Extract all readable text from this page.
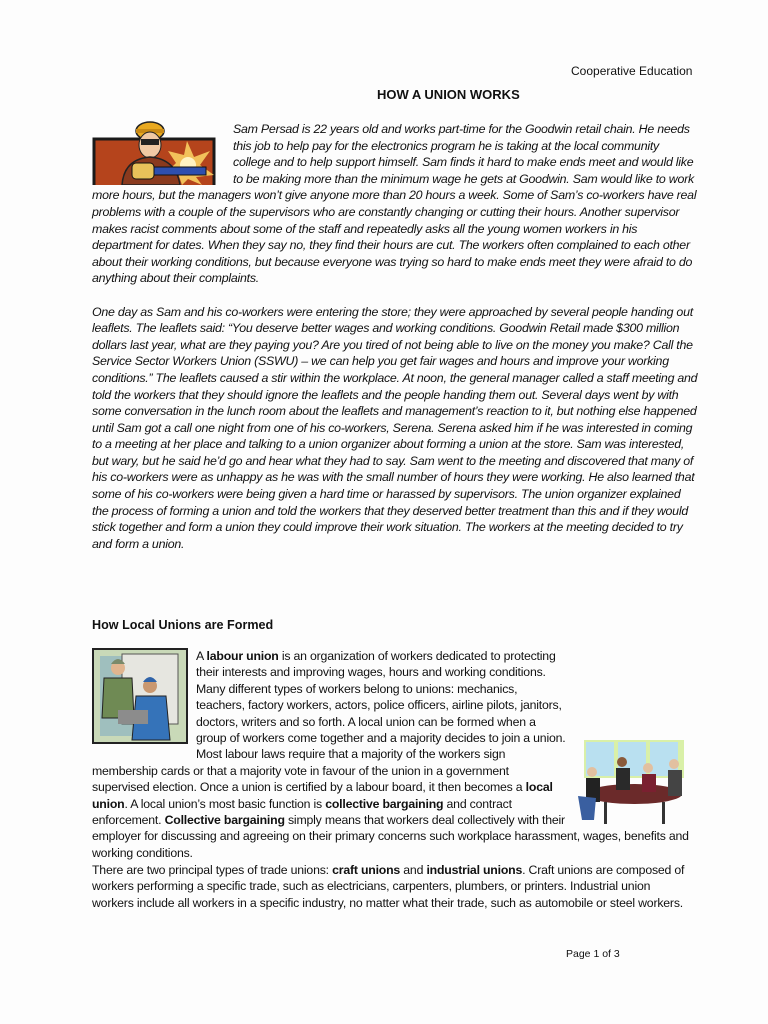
Cooperative Education
HOW A UNION WORKS

Sam Persad is 22 years old and works part-time for the Goodwin retail chain. He needs this job to help pay for the electronics program he is taking at the local community college and to help support himself. Sam finds it hard to make ends meet and would like to be making more than the minimum wage he gets at Goodwin. Sam would like to work more hours, but the managers won’t give anyone more than 20 hours a week. Some of Sam’s co-workers have real problems with a couple of the supervisors who are constantly changing or cutting their hours. Another supervisor makes racist comments about some of the staff and repeatedly asks all the young women workers in his department for dates. When they say no, they find their hours are cut. The workers often complained to each other about their working conditions, but because everyone was trying so hard to make ends meet they were afraid to do anything about their complaints.

One day as Sam and his co-workers were entering the store; they were approached by several people handing out leaflets. The leaflets said: “You deserve better wages and working conditions. Goodwin Retail made $300 million dollars last year, what are they paying you? Are you tired of not being able to live on the money you make? Call the Service Sector Workers Union (SSWU) – we can help you get fair wages and hours and improve your working conditions.” The leaflets caused a stir within the workplace. At noon, the general manager called a staff meeting and told the workers that they should ignore the leaflets and the people handing them out. Several days went by with some conversation in the lunch room about the leaflets and management’s reaction to it, but nothing else happened until Sam got a call one night from one of his co-workers, Serena. Serena asked him if he was interested in coming to a meeting at her place and talking to a union organizer about forming a union at the store. Sam was interested, but wary, but he said he’d go and hear what they had to say. Sam went to the meeting and discovered that many of his co-workers were as unhappy as he was with the small number of hours they were working. He also learned that some of his co-workers were being given a hard time or harassed by supervisors. The union organizer explained the process of forming a union and told the workers that they deserved better treatment than this and if they would stick together and form a union they could improve their work situation. The workers at the meeting decided to try and form a union.

How Local Unions are Formed

A labour union is an organization of workers dedicated to protecting their interests and improving wages, hours and working conditions. Many different types of workers belong to unions: mechanics, teachers, factory workers, actors, police officers, airline pilots, janitors, doctors, writers and so forth. A local union can be formed when a group of workers come together and a majority decides to join a union. Most labour laws require that a majority of the workers sign membership cards or that a majority vote in favour of the union in a government supervised election. Once a union is certified by a labour board, it then becomes a local union. A local union’s most basic function is collective bargaining and contract enforcement. Collective bargaining simply means that workers deal collectively with their employer for discussing and agreeing on their primary concerns such workplace harassment, wages, benefits and working conditions.

There are two principal types of trade unions: craft unions and industrial unions. Craft unions are composed of workers performing a specific trade, such as electricians, carpenters, plumbers, or printers. Industrial union workers include all workers in a specific industry, no matter what their trade, such as automobile or steel workers.

Page 1 of 3
